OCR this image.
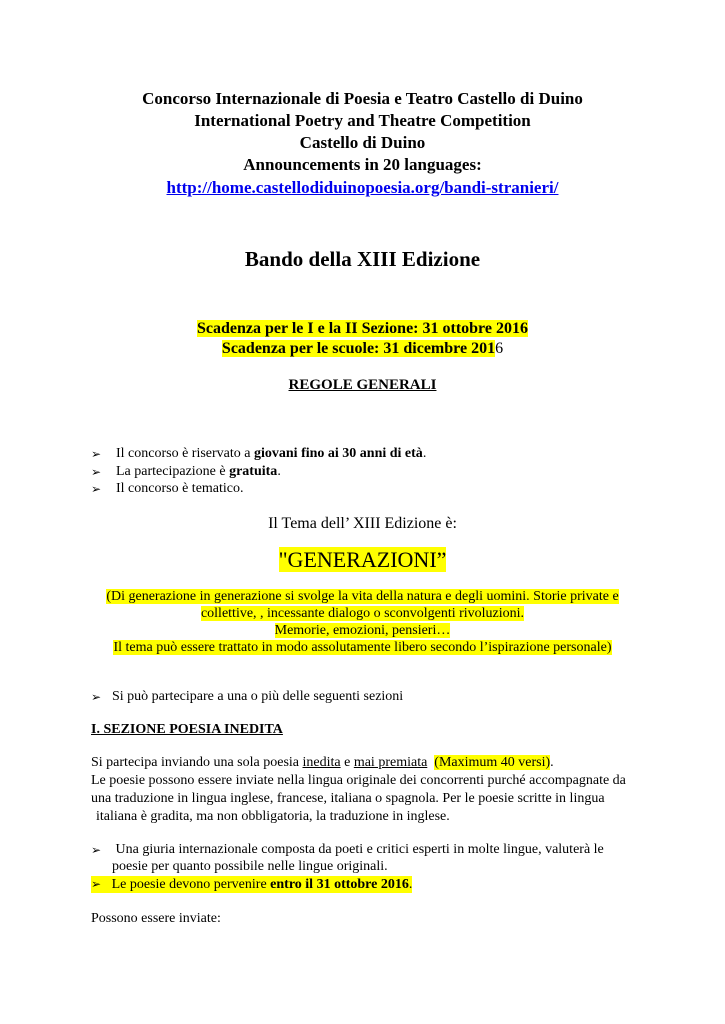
Concorso Internazionale di Poesia e Teatro Castello di Duino
International Poetry and Theatre Competition
Castello di Duino
Announcements in 20 languages:
http://home.castellodiduinopoesia.org/bandi-stranieri/
Bando della XIII Edizione
Scadenza per le I e la II Sezione: 31 ottobre 2016
Scadenza per le scuole: 31 dicembre 2016
REGOLE GENERALI
➢ Il concorso è riservato a giovani fino ai 30 anni di età.
➢ La partecipazione è gratuita.
➢ Il concorso è tematico.
Il Tema dell’ XIII Edizione è:
"GENERAZIONI”
(Di generazione in generazione si svolge la vita della natura e degli uomini. Storie private e
collettive, , incessante dialogo o sconvolgenti rivoluzioni.
Memorie, emozioni, pensieri…
Il tema può essere trattato in modo assolutamente libero secondo l’ispirazione personale)
➢ Si può partecipare a una o più delle seguenti sezioni
I. SEZIONE POESIA INEDITA
Si partecipa inviando una sola poesia inedita e mai premiata (Maximum 40 versi).
Le poesie possono essere inviate nella lingua originale dei concorrenti purché accompagnate da
una traduzione in lingua inglese, francese, italiana o spagnola. Per le poesie scritte in lingua
italiana è gradita, ma non obbligatoria, la traduzione in inglese.
➢ Una giuria internazionale composta da poeti e critici esperti in molte lingue, valuterà le
poesie per quanto possibile nelle lingue originali.
➢   Le poesie devono pervenire entro il 31 ottobre 2016.
Possono essere inviate:
